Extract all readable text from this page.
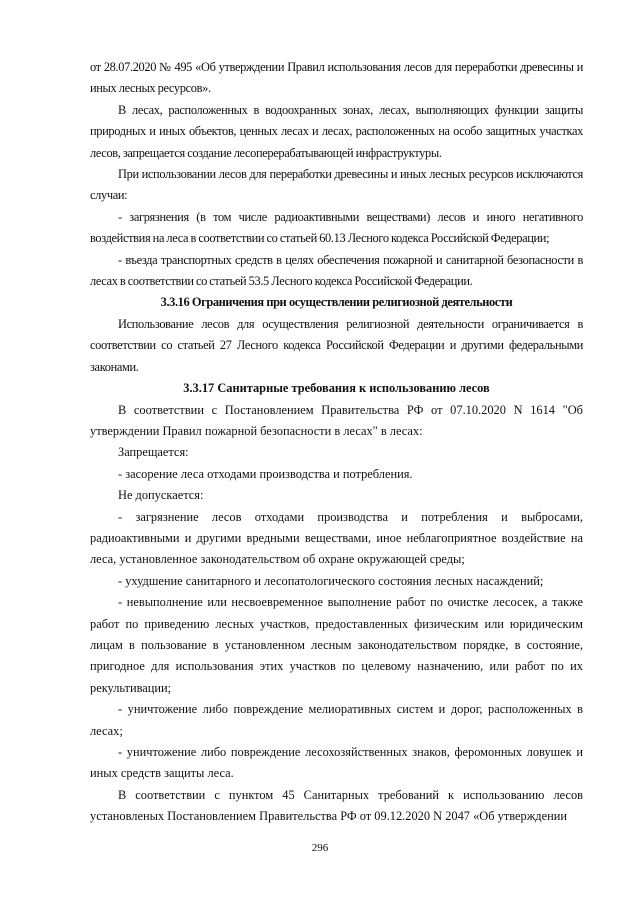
от 28.07.2020 № 495 «Об утверждении Правил использования лесов для переработки древесины и иных лесных ресурсов».

В лесах, расположенных в водоохранных зонах, лесах, выполняющих функции защиты природных и иных объектов, ценных лесах и лесах, расположенных на особо защитных участках лесов, запрещается создание лесоперерабатывающей инфраструктуры.

При использовании лесов для переработки древесины и иных лесных ресурсов исключаются случаи:

- загрязнения (в том числе радиоактивными веществами) лесов и иного негативного воздействия на леса в соответствии со статьей 60.13 Лесного кодекса Российской Федерации;

- въезда транспортных средств в целях обеспечения пожарной и санитарной безопасности в лесах в соответствии со статьей 53.5 Лесного кодекса Российской Федерации.

3.3.16 Ограничения при осуществлении религиозной деятельности

Использование лесов для осуществления религиозной деятельности ограничивается в соответствии со статьей 27 Лесного кодекса Российской Федерации и другими федеральными законами.

3.3.17 Санитарные требования к использованию лесов

В соответствии с Постановлением Правительства РФ от 07.10.2020 N 1614 "Об утверждении Правил пожарной безопасности в лесах" в лесах:

Запрещается:

- засорение леса отходами производства и потребления.

Не допускается:

- загрязнение лесов отходами производства и потребления и выбросами, радиоактивными и другими вредными веществами, иное неблагоприятное воздействие на леса, установленное законодательством об охране окружающей среды;

- ухудшение санитарного и лесопатологического состояния лесных насаждений;

- невыполнение или несвоевременное выполнение работ по очистке лесосек, а также работ по приведению лесных участков, предоставленных физическим или юридическим лицам в пользование в установленном лесным законодательством порядке, в состояние, пригодное для использования этих участков по целевому назначению, или работ по их рекультивации;

- уничтожение либо повреждение мелиоративных систем и дорог, расположенных в лесах;

- уничтожение либо повреждение лесохозяйственных знаков, феромонных ловушек и иных средств защиты леса.

В соответствии с пунктом 45 Санитарных требований к использованию лесов установленых Постановлением Правительства РФ от 09.12.2020 N 2047 «Об утверждении

296
